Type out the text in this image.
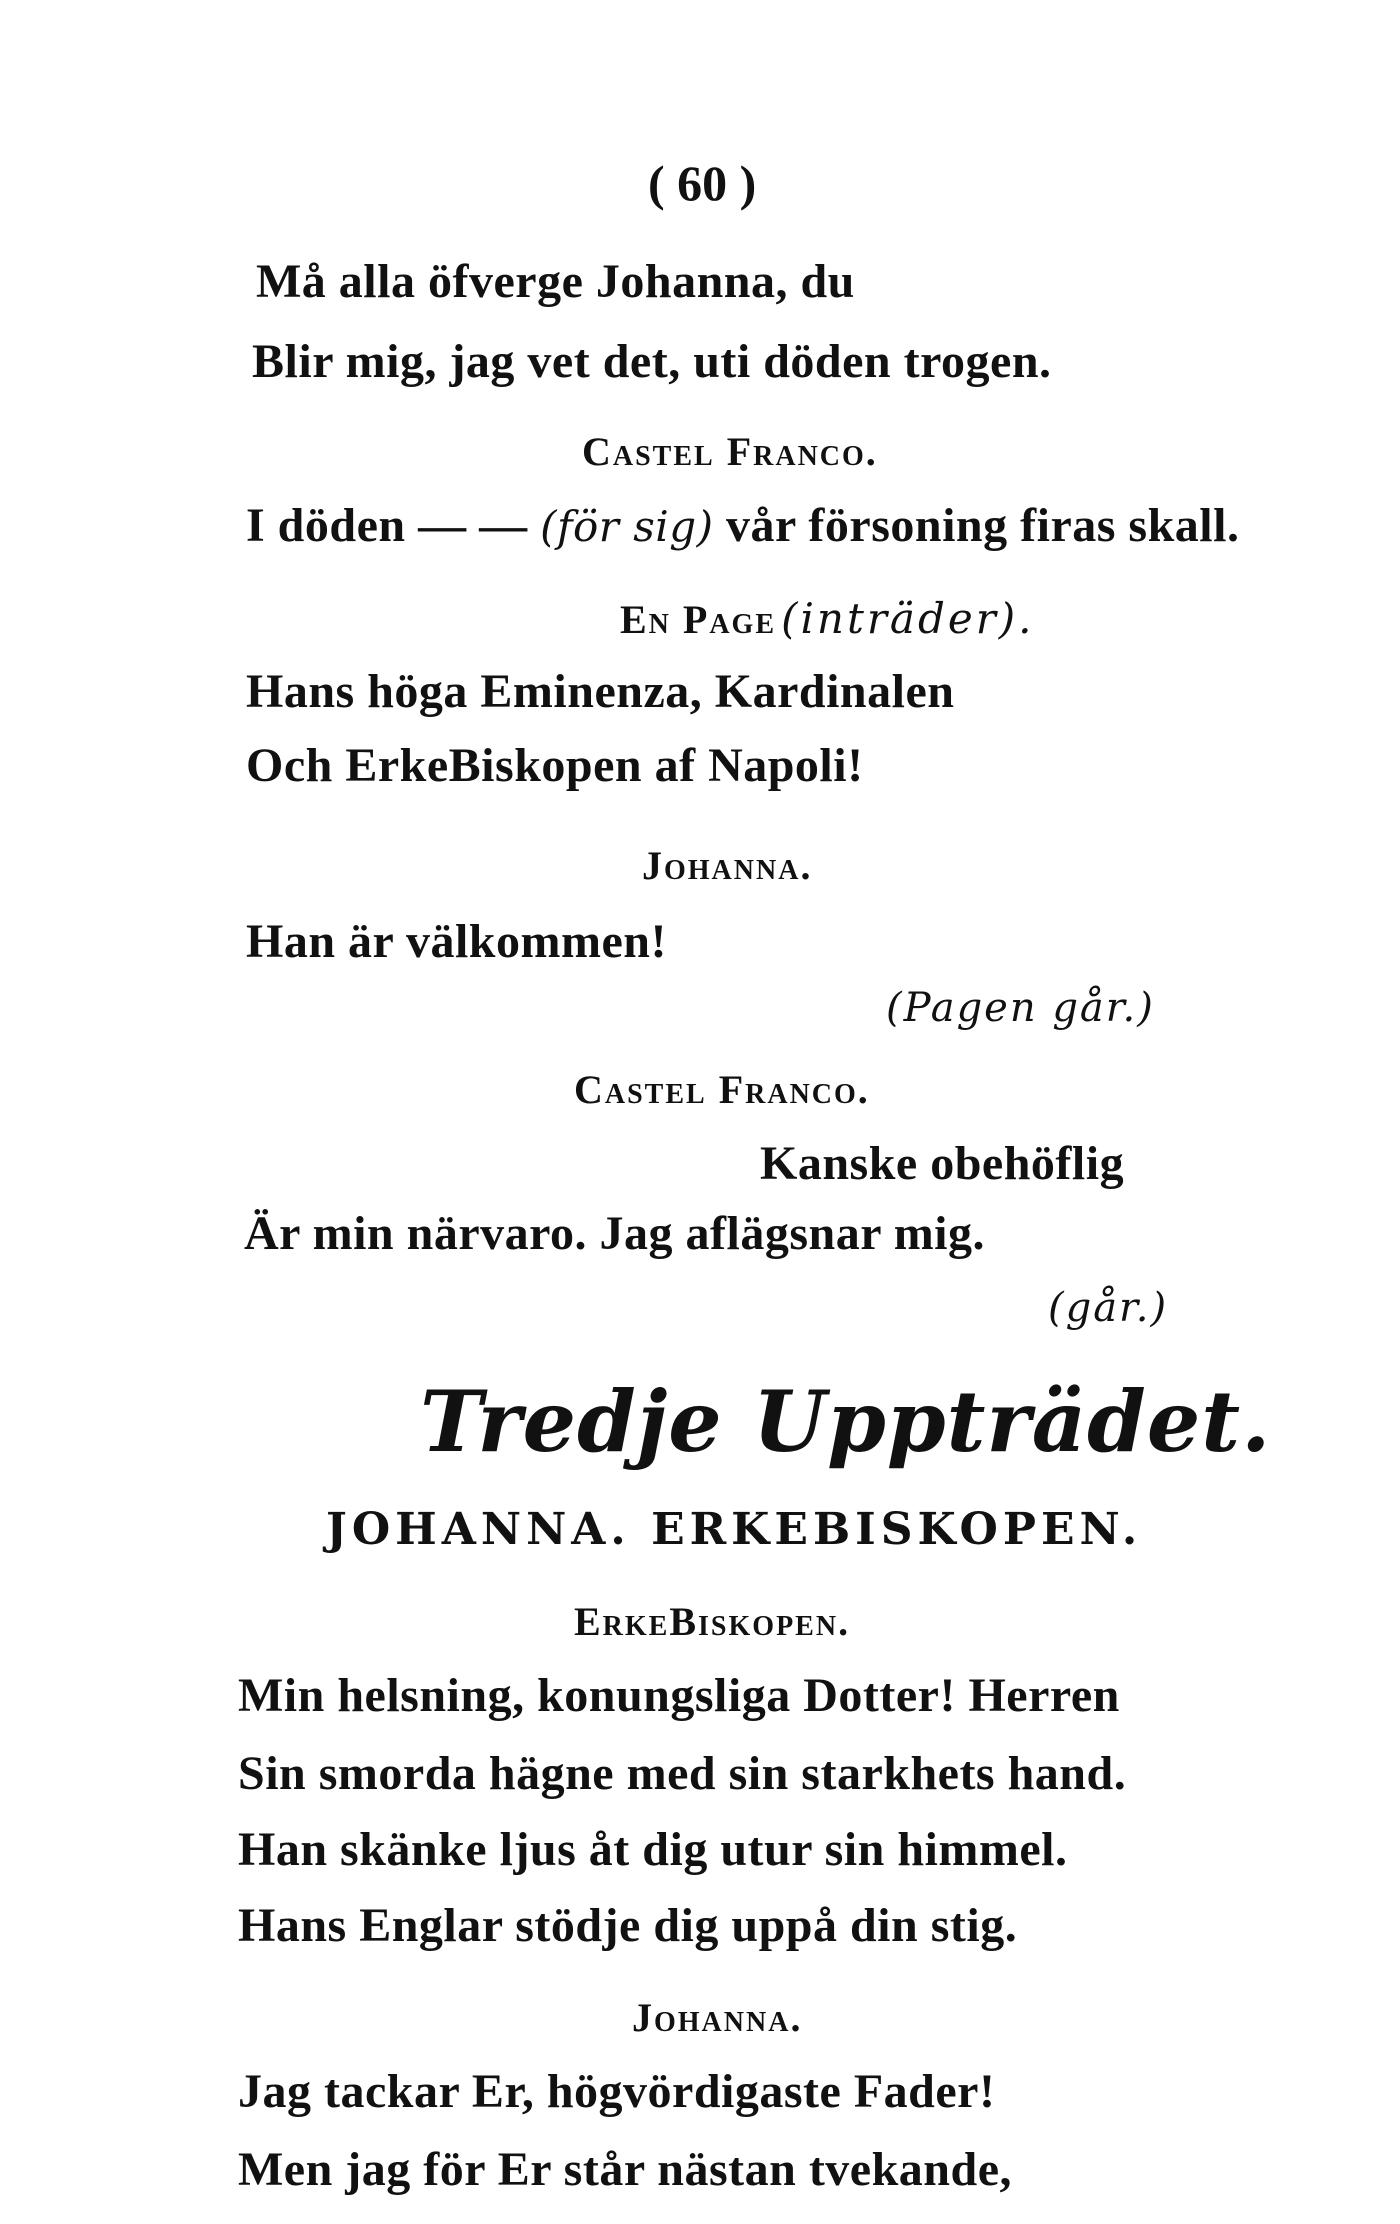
( 60 )
Må alla öfverge Johanna, du
Blir mig, jag vet det, uti döden trogen.
Castel Franco.
I döden — — (för sig) vår försoning firas skall.
En Page (inträder).
Hans höga Eminenza, Kardinalen
Och ErkeBiskopen af Napoli!
Johanna.
Han är välkommen!
(Pagen går.)
Castel Franco.
Kanske obehöflig
Är min närvaro. Jag aflägsnar mig.
(går.)
Tredje Uppträdet.
JOHANNA. ERKEBISKOPEN.
ErkeBiskopen.
Min helsning, konungsliga Dotter! Herren
Sin smorda hägne med sin starkhets hand.
Han skänke ljus åt dig utur sin himmel.
Hans Englar stödje dig uppå din stig.
Johanna.
Jag tackar Er, högvördigaste Fader!
Men jag för Er står nästan tvekande,
